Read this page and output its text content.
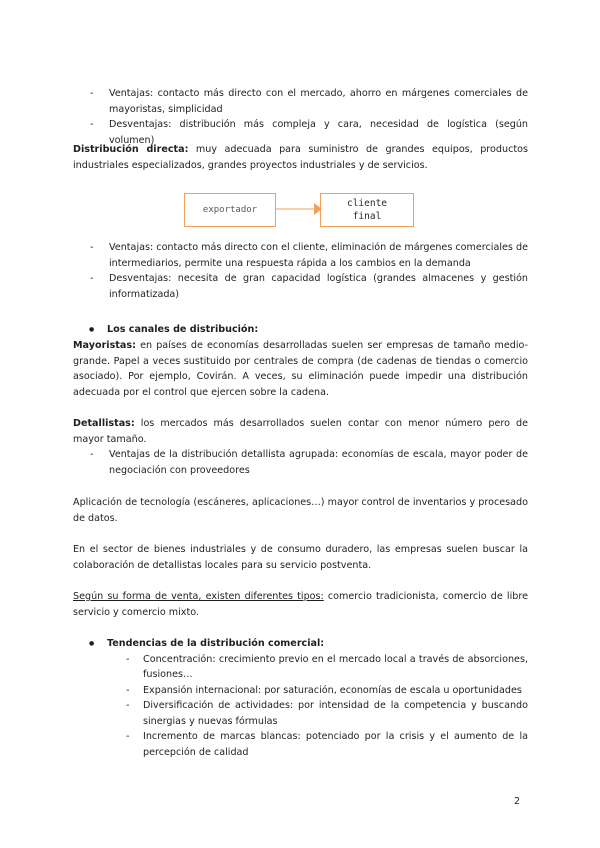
- Ventajas: contacto más directo con el mercado, ahorro en márgenes comerciales de mayoristas, simplicidad
- Desventajas: distribución más compleja y cara, necesidad de logística (según volumen)
Distribución directa: muy adecuada para suministro de grandes equipos, productos industriales especializados, grandes proyectos industriales y de servicios.
exportador
cliente
final
- Ventajas: contacto más directo con el cliente, eliminación de márgenes comerciales de intermediarios, permite una respuesta rápida a los cambios en la demanda
- Desventajas: necesita de gran capacidad logística (grandes almacenes y gestión informatizada)
● Los canales de distribución:
Mayoristas: en países de economías desarrolladas suelen ser empresas de tamaño medio-grande. Papel a veces sustituido por centrales de compra (de cadenas de tiendas o comercio asociado). Por ejemplo, Covirán. A veces, su eliminación puede impedir una distribución adecuada por el control que ejercen sobre la cadena.
Detallistas: los mercados más desarrollados suelen contar con menor número pero de mayor tamaño.
- Ventajas de la distribución detallista agrupada: economías de escala, mayor poder de negociación con proveedores
Aplicación de tecnología (escáneres, aplicaciones…) mayor control de inventarios y procesado de datos.
En el sector de bienes industriales y de consumo duradero, las empresas suelen buscar la colaboración de detallistas locales para su servicio postventa.
Según su forma de venta, existen diferentes tipos: comercio tradicionista, comercio de libre servicio y comercio mixto.
● Tendencias de la distribución comercial:
- Concentración: crecimiento previo en el mercado local a través de absorciones, fusiones…
- Expansión internacional: por saturación, economías de escala u oportunidades
- Diversificación de actividades: por intensidad de la competencia y buscando sinergias y nuevas fórmulas
- Incremento de marcas blancas: potenciado por la crisis y el aumento de la percepción de calidad
2
